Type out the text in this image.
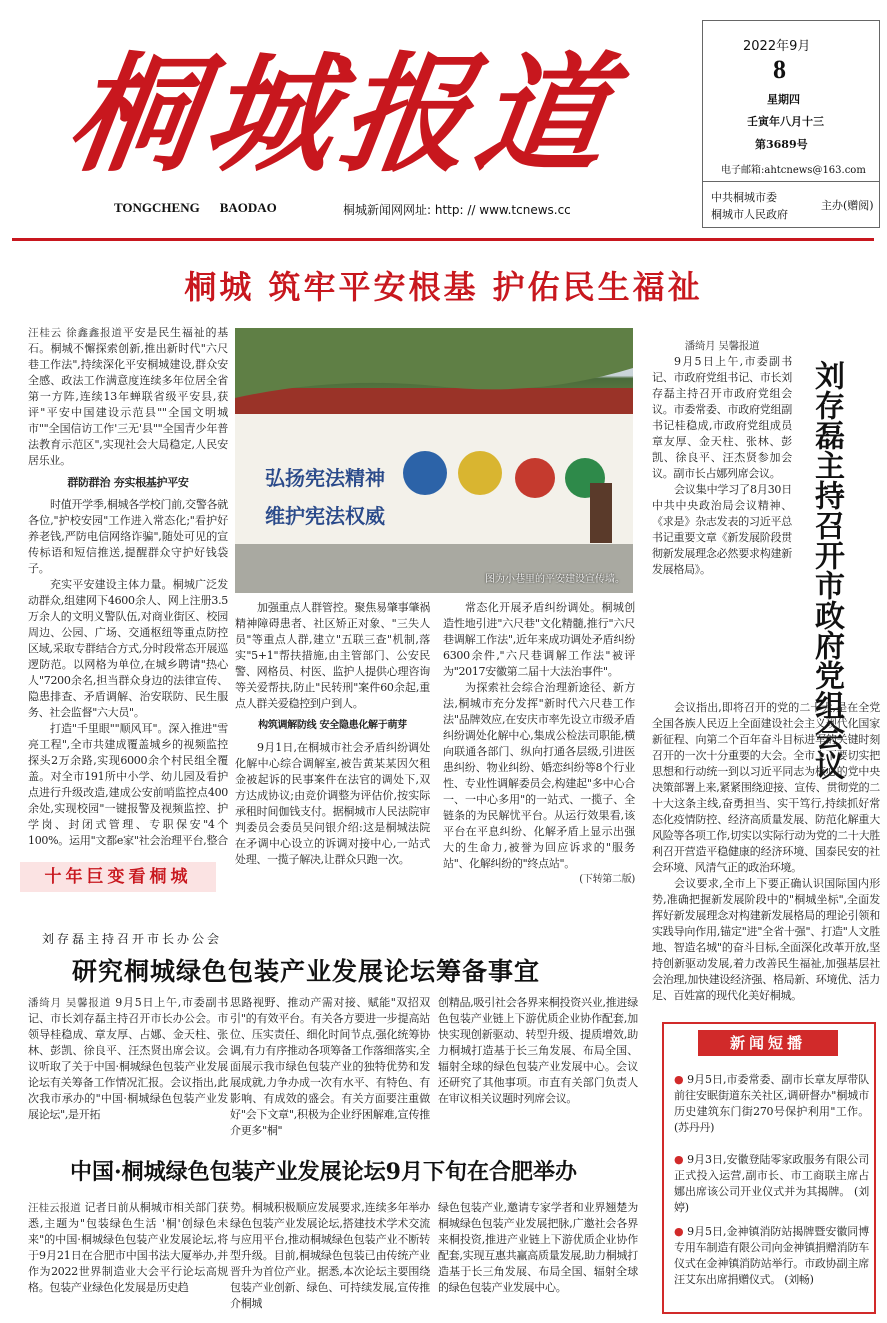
桐城报道
TONGCHENG BAODAO	桐城新闻网网址: http: // www.tcnews.cc
2022年9月
8
星期四
壬寅年八月十三
第3689号
电子邮箱:ahtcnews@163.com
中共桐城市委
桐城市人民政府
主办(赠阅)
桐城 筑牢平安根基 护佑民生福祉
汪桂云 徐鑫鑫报道平安是民生福祉的基石。桐城不懈探索创新,推出新时代"六尺巷工作法",持续深化平安桐城建设,群众安全感、政法工作满意度连续多年位居全省第一方阵,连续13年蝉联省级平安县,获评"平安中国建设示范县""全国文明城市""全国信访工作'三无'县""全国青少年普法教育示范区",实现社会大局稳定,人民安居乐业。
群防群治 夯实根基护平安
时值开学季,桐城各学校门前,交警各就各位,"护校安园"工作进入常态化;"看护好养老钱,严防电信网络诈骗",随处可见的宣传标语和短信推送,提醒群众守护好钱袋子。
充实平安建设主体力量。桐城广泛发动群众,组建网下4600余人、网上注册3.5万余人的文明义警队伍,对商业街区、校园周边、公园、广场、交通枢纽等重点防控区域,采取专群结合方式,分时段常态开展巡逻防范。以网格为单位,在城乡聘请"热心人"7200余名,担当群众身边的法律宣传、隐患排查、矛盾调解、治安联防、民生服务、社会监督"六大员"。
打造"千里眼""顺风耳"。深入推进"雪亮工程",全市共建成覆盖城乡的视频监控探头2万余路,实现6000余个村民组全覆盖。对全市191所中小学、幼儿园及看护点进行升级改造,建成公安前哨监控点400余处,实现校园"一键报警及视频监控、护学岗、封闭式管理、专职保安"4个100%。运用"文都e家"社会治理平台,整合
弘扬宪法精神
维护宪法权威
图为小巷里的平安建设宣传墙。
加强重点人群管控。聚焦易肇事肇祸精神障碍患者、社区矫正对象、"三失人员"等重点人群,建立"五联三查"机制,落实"5+1"帮扶措施,由主管部门、公安民警、网格员、村医、监护人提供心理咨询等关爱帮扶,防止"民转刑"案件60余起,重点人群关爱稳控到户到人。
构筑调解防线 安全隐患化解于萌芽
9月1日,在桐城市社会矛盾纠纷调处化解中心综合调解室,被告黄某某因欠租金被起诉的民事案件在法官的调处下,双方达成协议;由竞价调整为评估价,按实际承租时间伽钱支付。据桐城市人民法院审判委员会委员吴问银介绍:这是桐城法院在矛调中心设立的诉调对接中心,一站式处理、一揽子解决,让群众只跑一次。
常态化开展矛盾纠纷调处。桐城创造性地引进"六尺巷"文化精髓,推行"六尺巷调解工作法",近年来成功调处矛盾纠纷6300余件,"六尺巷调解工作法"被评为"2017安徽第二届十大法治事件"。
为探索社会综合治理新途径、新方法,桐城市充分发挥"新时代六尺巷工作法"品牌效应,在安庆市率先设立市级矛盾纠纷调处化解中心,集成公检法司职能,横向联通各部门、纵向打通各层级,引进医患纠纷、物业纠纷、婚恋纠纷等8个行业性、专业性调解委员会,构建起"多中心合一、一中心多用"的一站式、一揽子、全链条的为民解忧平台。从运行效果看,该平台在平息纠纷、化解矛盾上显示出强大的生命力,被誉为回应诉求的"服务站"、化解纠纷的"终点站"。
(下转第二版)
十年巨变看桐城
刘存磊主持召开市政府党组会议
潘绮月 吴馨报道
9月5日上午,市委副书记、市政府党组书记、市长刘存磊主持召开市政府党组会议。市委常委、市政府党组副书记桂稳成,市政府党组成员章友厚、金天柱、张林、彭凯、徐良平、汪杰贤参加会议。副市长占娜列席会议。
会议集中学习了8月30日中共中央政治局会议精神、《求是》杂志发表的习近平总书记重要文章《新发展阶段贯彻新发展理念必然要求构建新发展格局》。
会议指出,即将召开的党的二十大,是在全党全国各族人民迈上全面建设社会主义现代化国家新征程、向第二个百年奋斗目标进军的关键时刻召开的一次十分重要的大会。全市上下要切实把思想和行动统一到以习近平同志为核心的党中央决策部署上来,紧紧围绕迎接、宣传、贯彻党的二十大这条主线,奋勇担当、实干笃行,持续抓好常态化疫情防控、经济高质量发展、防范化解重大风险等各项工作,切实以实际行动为党的二十大胜利召开营造平稳健康的经济环境、国泰民安的社会环境、风清气正的政治环境。
会议要求,全市上下要正确认识国际国内形势,准确把握新发展阶段中的"桐城坐标",全面发挥好新发展理念对构建新发展格局的理论引领和实践导向作用,锚定"进"全省十强"、打造"人文胜地、智造名城"的奋斗目标,全面深化改革开放,坚持创新驱动发展,着力改善民生福祉,加强基层社会治理,加快建设经济强、格局新、环境优、活力足、百姓富的现代化美好桐城。
刘存磊主持召开市长办公会
研究桐城绿色包装产业发展论坛筹备事宜
潘绮月 吴馨报道 9月5日上午,市委副书记、市长刘存磊主持召开市长办公会。市领导桂稳成、章友厚、占娜、金天柱、张林、彭凯、徐良平、汪杰贤出席会议。会议听取了关于中国·桐城绿色包装产业发展论坛有关筹备工作情况汇报。会议指出,此次我市承办的"中国·桐城绿色包装产业发展论坛",是开拓
思路视野、推动产需对接、赋能"双招双引"的有效平台。有关各方要进一步提高站位、压实责任、细化时间节点,强化统筹协调,有力有序推动各项筹备工作落细落实,全面展示我市绿色包装产业的独特优势和发展成就,力争办成一次有水平、有特色、有影响、有成效的盛会。有关方面要注重做好"会下文章",积极为企业纾困解难,宣传推介更多"桐"
创精品,吸引社会各界来桐投资兴业,推进绿色包装产业链上下游优质企业协作配套,加快实现创新驱动、转型升级、提质增效,助力桐城打造基于长三角发展、布局全国、辐射全球的绿色包装产业发展中心。会议还研究了其他事项。市直有关部门负责人在审议相关议题时列席会议。
中国·桐城绿色包装产业发展论坛9月下旬在合肥举办
汪桂云报道 记者日前从桐城市相关部门获悉,主题为"包装绿色生活 '桐'创绿色未来"的中国·桐城绿色包装产业发展论坛,将于9月21日在合肥市中国书法大厦举办,并作为2022世界制造业大会平行论坛高规格。包装产业绿色化发展是历史趋
势。桐城积极顺应发展要求,连续多年举办绿色包装产业发展论坛,搭建技术学术交流与应用平台,推动桐城绿色包装产业不断转型升级。目前,桐城绿色包装已由传统产业晋升为首位产业。据悉,本次论坛主要围绕包装产业创新、绿色、可持续发展,宣传推介桐城
绿色包装产业,邀请专家学者和业界翘楚为桐城绿色包装产业发展把脉,广邀社会各界来桐投资,推进产业链上下游优质企业协作配套,实现互惠共赢高质量发展,助力桐城打造基于长三角发展、布局全国、辐射全球的绿色包装产业发展中心。
新闻短播
● 9月5日,市委常委、副市长章友厚带队前往安眠街道东关社区,调研督办"桐城市历史建筑东门街270号保护利用"工作。 (苏丹丹)
● 9月3日,安徽登陆零家政服务有限公司正式投入运营,副市长、市工商联主席占娜出席该公司开业仪式并为其揭牌。 (刘婷)
● 9月5日,金神镇消防站揭牌暨安徽同博专用车制造有限公司向金神镇捐赠消防车仪式在金神镇消防站举行。市政协副主席汪艾东出席捐赠仪式。 (刘畅)
